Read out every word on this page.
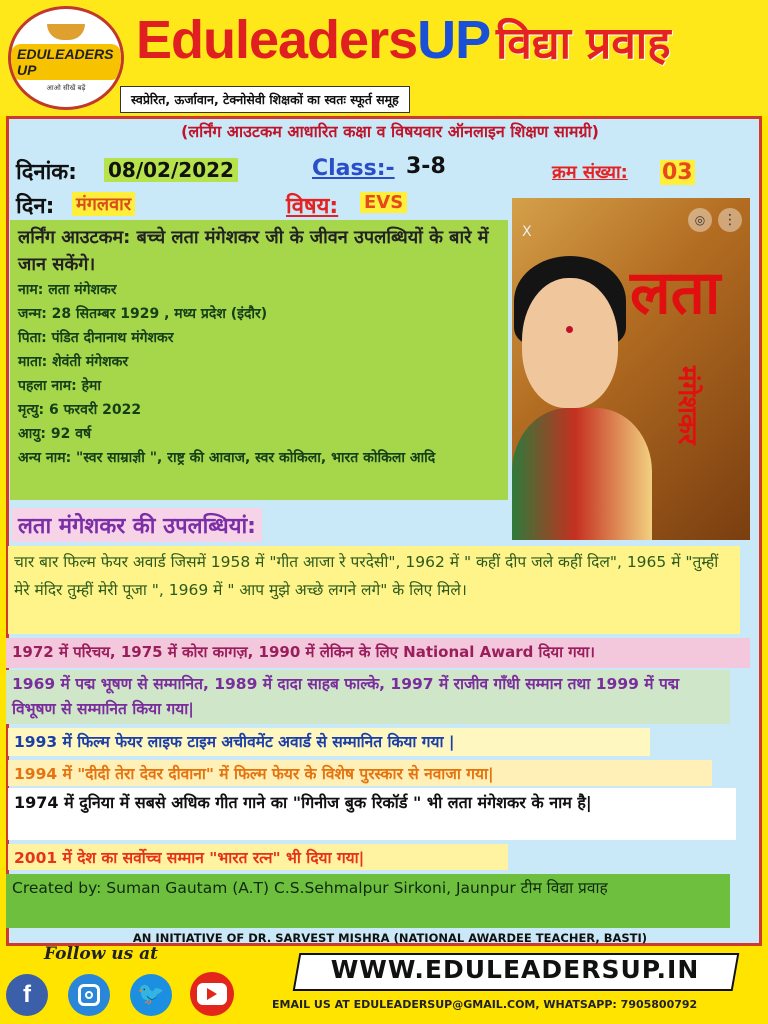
EDULEADERS UP
आओ सीखें बढ़ें
EduleadersUP विद्या प्रवाह
स्वप्रेरित, ऊर्जावान, टेक्नोसेवी शिक्षकों का स्वतः स्फूर्त समूह
(लर्निंग आउटकम आधारित कक्षा व विषयवार ऑनलाइन शिक्षण सामग्री)
दिनांक: 08/02/2022	Class:- 3-8	क्रम संख्या: 03
दिन: मंगलवार	विषय: EVS
लर्निंग आउटकम: बच्चे लता मंगेशकर जी के जीवन उपलब्धियों के बारे में जान सकेंगे।
नाम: लता मंगेशकर
जन्म: 28 सितम्बर 1929 , मध्य प्रदेश (इंदौर)
पिता: पंडित दीनानाथ मंगेशकर
माता: शेवंती मंगेशकर
पहला नाम: हेमा
मृत्यु: 6 फरवरी 2022
आयु: 92 वर्ष
अन्य नाम: "स्वर साम्राज्ञी ", राष्ट्र की आवाज, स्वर कोकिला, भारत कोकिला आदि
लता
मंगेशकर
X
⋮
◎
लता मंगेशकर की उपलब्धियां:
चार बार फिल्म फेयर अवार्ड जिसमें 1958 में "गीत आजा रे परदेसी", 1962 में " कहीं दीप जले कहीं दिल", 1965 में "तुम्हीं मेरे मंदिर तुम्हीं मेरी पूजा ", 1969 में " आप मुझे अच्छे लगने लगे" के लिए मिले।
1972 में परिचय, 1975 में कोरा कागज़, 1990 में लेकिन के लिए National Award दिया गया।
1969 में पद्म भूषण से सम्मानित, 1989 में दादा साहब फाल्के, 1997 में राजीव गाँधी सम्मान तथा 1999 में पद्म विभूषण से सम्मानित किया गया|
1993 में फिल्म फेयर लाइफ टाइम अचीवमेंट अवार्ड से सम्मानित किया गया |
1994 में "दीदी तेरा देवर दीवाना" में फिल्म फेयर के विशेष पुरस्कार से नवाजा गया|
1974 में दुनिया में सबसे अधिक गीत गाने का "गिनीज बुक रिकॉर्ड " भी लता मंगेशकर के नाम है|
2001 में देश का सर्वोच्च सम्मान "भारत रत्न" भी दिया गया|
Created by: Suman Gautam (A.T) C.S.Sehmalpur Sirkoni, Jaunpur टीम विद्या प्रवाह
AN INITIATIVE OF DR. SARVEST MISHRA (NATIONAL AWARDEE TEACHER, BASTI)
Follow us at
WWW.EDULEADERSUP.IN
EMAIL US AT EDULEADERSUP@GMAIL.COM, WHATSAPP: 7905800792
f	🐦
